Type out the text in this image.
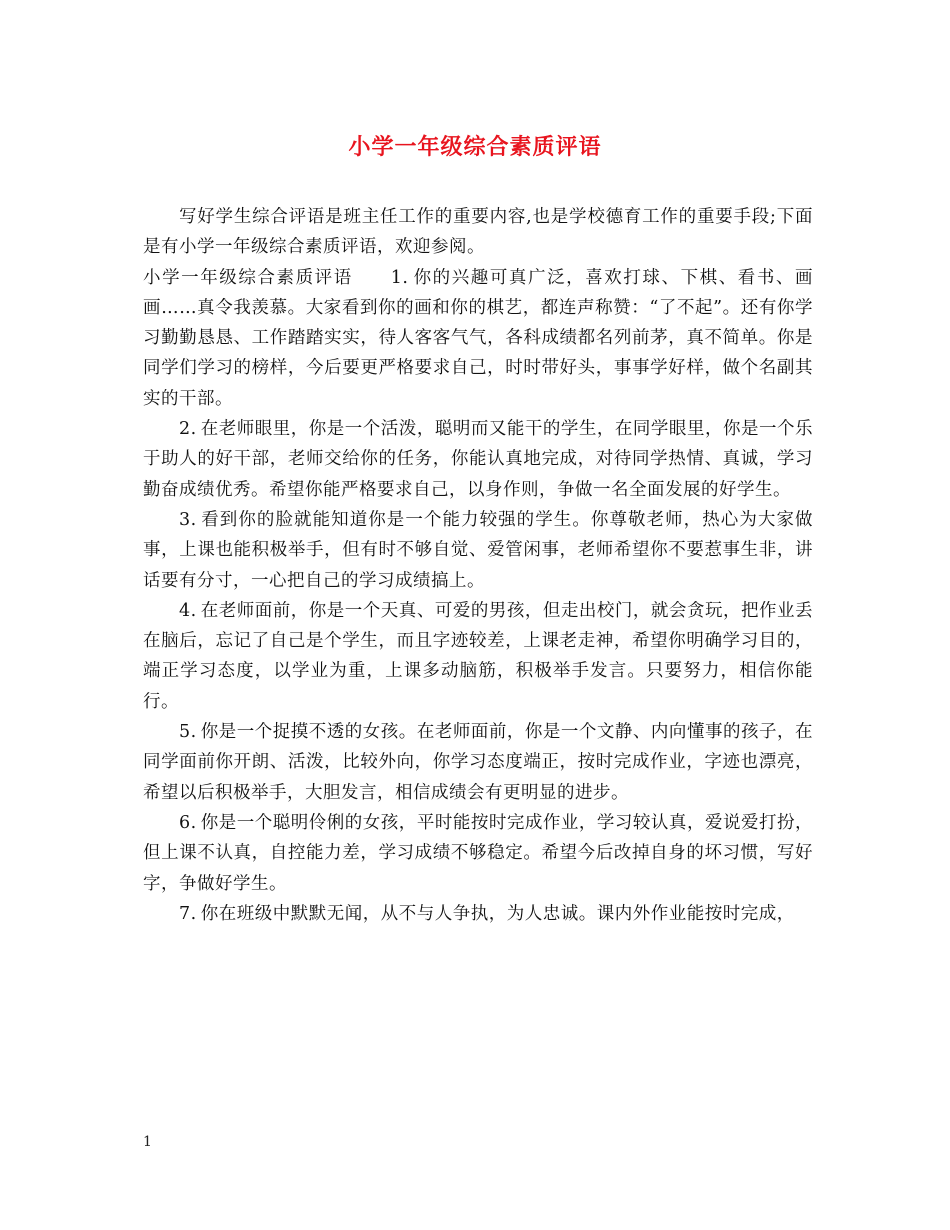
小学一年级综合素质评语

写好学生综合评语是班主任工作的重要内容,也是学校德育工作的重要手段;下面是有小学一年级综合素质评语，欢迎参阅。

小学一年级综合素质评语 1. 你的兴趣可真广泛，喜欢打球、下棋、看书、画画……真令我羡慕。大家看到你的画和你的棋艺，都连声称赞：“了不起”。还有你学习勤勤恳恳、工作踏踏实实，待人客客气气，各科成绩都名列前茅，真不简单。你是同学们学习的榜样，今后要更严格要求自己，时时带好头，事事学好样，做个名副其实的干部。

2. 在老师眼里，你是一个活泼，聪明而又能干的学生，在同学眼里，你是一个乐于助人的好干部，老师交给你的任务，你能认真地完成，对待同学热情、真诚，学习勤奋成绩优秀。希望你能严格要求自己，以身作则，争做一名全面发展的好学生。

3. 看到你的脸就能知道你是一个能力较强的学生。你尊敬老师，热心为大家做事，上课也能积极举手，但有时不够自觉、爱管闲事，老师希望你不要惹事生非，讲话要有分寸，一心把自己的学习成绩搞上。

4. 在老师面前，你是一个天真、可爱的男孩，但走出校门，就会贪玩，把作业丢在脑后，忘记了自己是个学生，而且字迹较差，上课老走神，希望你明确学习目的，端正学习态度，以学业为重，上课多动脑筋，积极举手发言。只要努力，相信你能行。

5. 你是一个捉摸不透的女孩。在老师面前，你是一个文静、内向懂事的孩子，在同学面前你开朗、活泼，比较外向，你学习态度端正，按时完成作业，字迹也漂亮，希望以后积极举手，大胆发言，相信成绩会有更明显的进步。

6. 你是一个聪明伶俐的女孩，平时能按时完成作业，学习较认真，爱说爱打扮，但上课不认真，自控能力差，学习成绩不够稳定。希望今后改掉自身的坏习惯，写好字，争做好学生。

7. 你在班级中默默无闻，从不与人争执，为人忠诚。课内外作业能按时完成，

1
